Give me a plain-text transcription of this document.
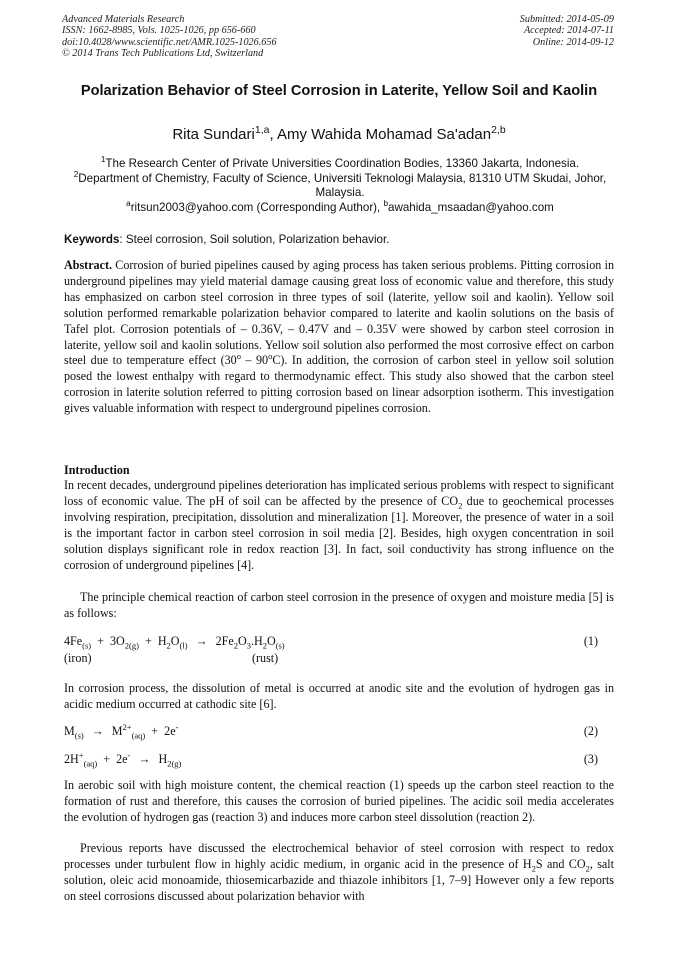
Advanced Materials Research
ISSN: 1662-8985, Vols. 1025-1026, pp 656-660
doi:10.4028/www.scientific.net/AMR.1025-1026.656
© 2014 Trans Tech Publications Ltd, Switzerland
Submitted: 2014-05-09
Accepted: 2014-07-11
Online: 2014-09-12
Polarization Behavior of Steel Corrosion in Laterite, Yellow Soil and Kaolin
Rita Sundari$^{1,a}$, Amy Wahida Mohamad Sa'adan$^{2,b}$
$^1$The Research Center of Private Universities Coordination Bodies, 13360 Jakarta, Indonesia.
$^2$Department of Chemistry, Faculty of Science, Universiti Teknologi Malaysia, 81310 UTM Skudai, Johor, Malaysia.
$^a$ritsun2003@yahoo.com (Corresponding Author), $^b$awahida_msaadan@yahoo.com
Keywords: Steel corrosion, Soil solution, Polarization behavior.
Abstract. Corrosion of buried pipelines caused by aging process has taken serious problems. Pitting corrosion in underground pipelines may yield material damage causing great loss of economic value and therefore, this study has emphasized on carbon steel corrosion in three types of soil (laterite, yellow soil and kaolin). Yellow soil solution performed remarkable polarization behavior compared to laterite and kaolin solutions on the basis of Tafel plot. Corrosion potentials of – 0.36V, – 0.47V and – 0.35V were showed by carbon steel corrosion in laterite, yellow soil and kaolin solutions. Yellow soil solution also performed the most corrosive effect on carbon steel due to temperature effect (30$^o$ – 90$^o$C). In addition, the corrosion of carbon steel in yellow soil solution posed the lowest enthalpy with regard to thermodynamic effect. This study also showed that the carbon steel corrosion in laterite solution referred to pitting corrosion based on linear adsorption isotherm. This investigation gives valuable information with respect to underground pipelines corrosion.
Introduction
In recent decades, underground pipelines deterioration has implicated serious problems with respect to significant loss of economic value. The pH of soil can be affected by the presence of $CO_2$ due to geochemical processes involving respiration, precipitation, dissolution and mineralization [1]. Moreover, the presence of water in a soil is the important factor in carbon steel corrosion in soil media [2]. Besides, high oxygen concentration in soil solution displays significant role in redox reaction [3]. In fact, soil conductivity has strong influence on the corrosion of underground pipelines [4].
The principle chemical reaction of carbon steel corrosion in the presence of oxygen and moisture media [5] is as follows:
$4Fe_{(s)} + 3O_{2(g)} + H_2O_{(l)} \to 2Fe_2O_3.H_2O_{(s)}$	(1)
(iron)	(rust)
In corrosion process, the dissolution of metal is occurred at anodic site and the evolution of hydrogen gas in acidic medium occurred at cathodic site [6].
$M_{(s)} \to M^{2+}_{(aq)} + 2e^-$	(2)
$2H^+_{(aq)} + 2e^- \to H_{2(g)}$	(3)
In aerobic soil with high moisture content, the chemical reaction (1) speeds up the carbon steel reaction to the formation of rust and therefore, this causes the corrosion of buried pipelines. The acidic soil media accelerates the evolution of hydrogen gas (reaction 3) and induces more carbon steel dissolution (reaction 2).
Previous reports have discussed the electrochemical behavior of steel corrosion with respect to redox processes under turbulent flow in highly acidic medium, in organic acid in the presence of $H_2S$ and $CO_2$, salt solution, oleic acid monoamide, thiosemicarbazide and thiazole inhibitors [1, 7–9] However only a few reports on steel corrosions discussed about polarization behavior with
